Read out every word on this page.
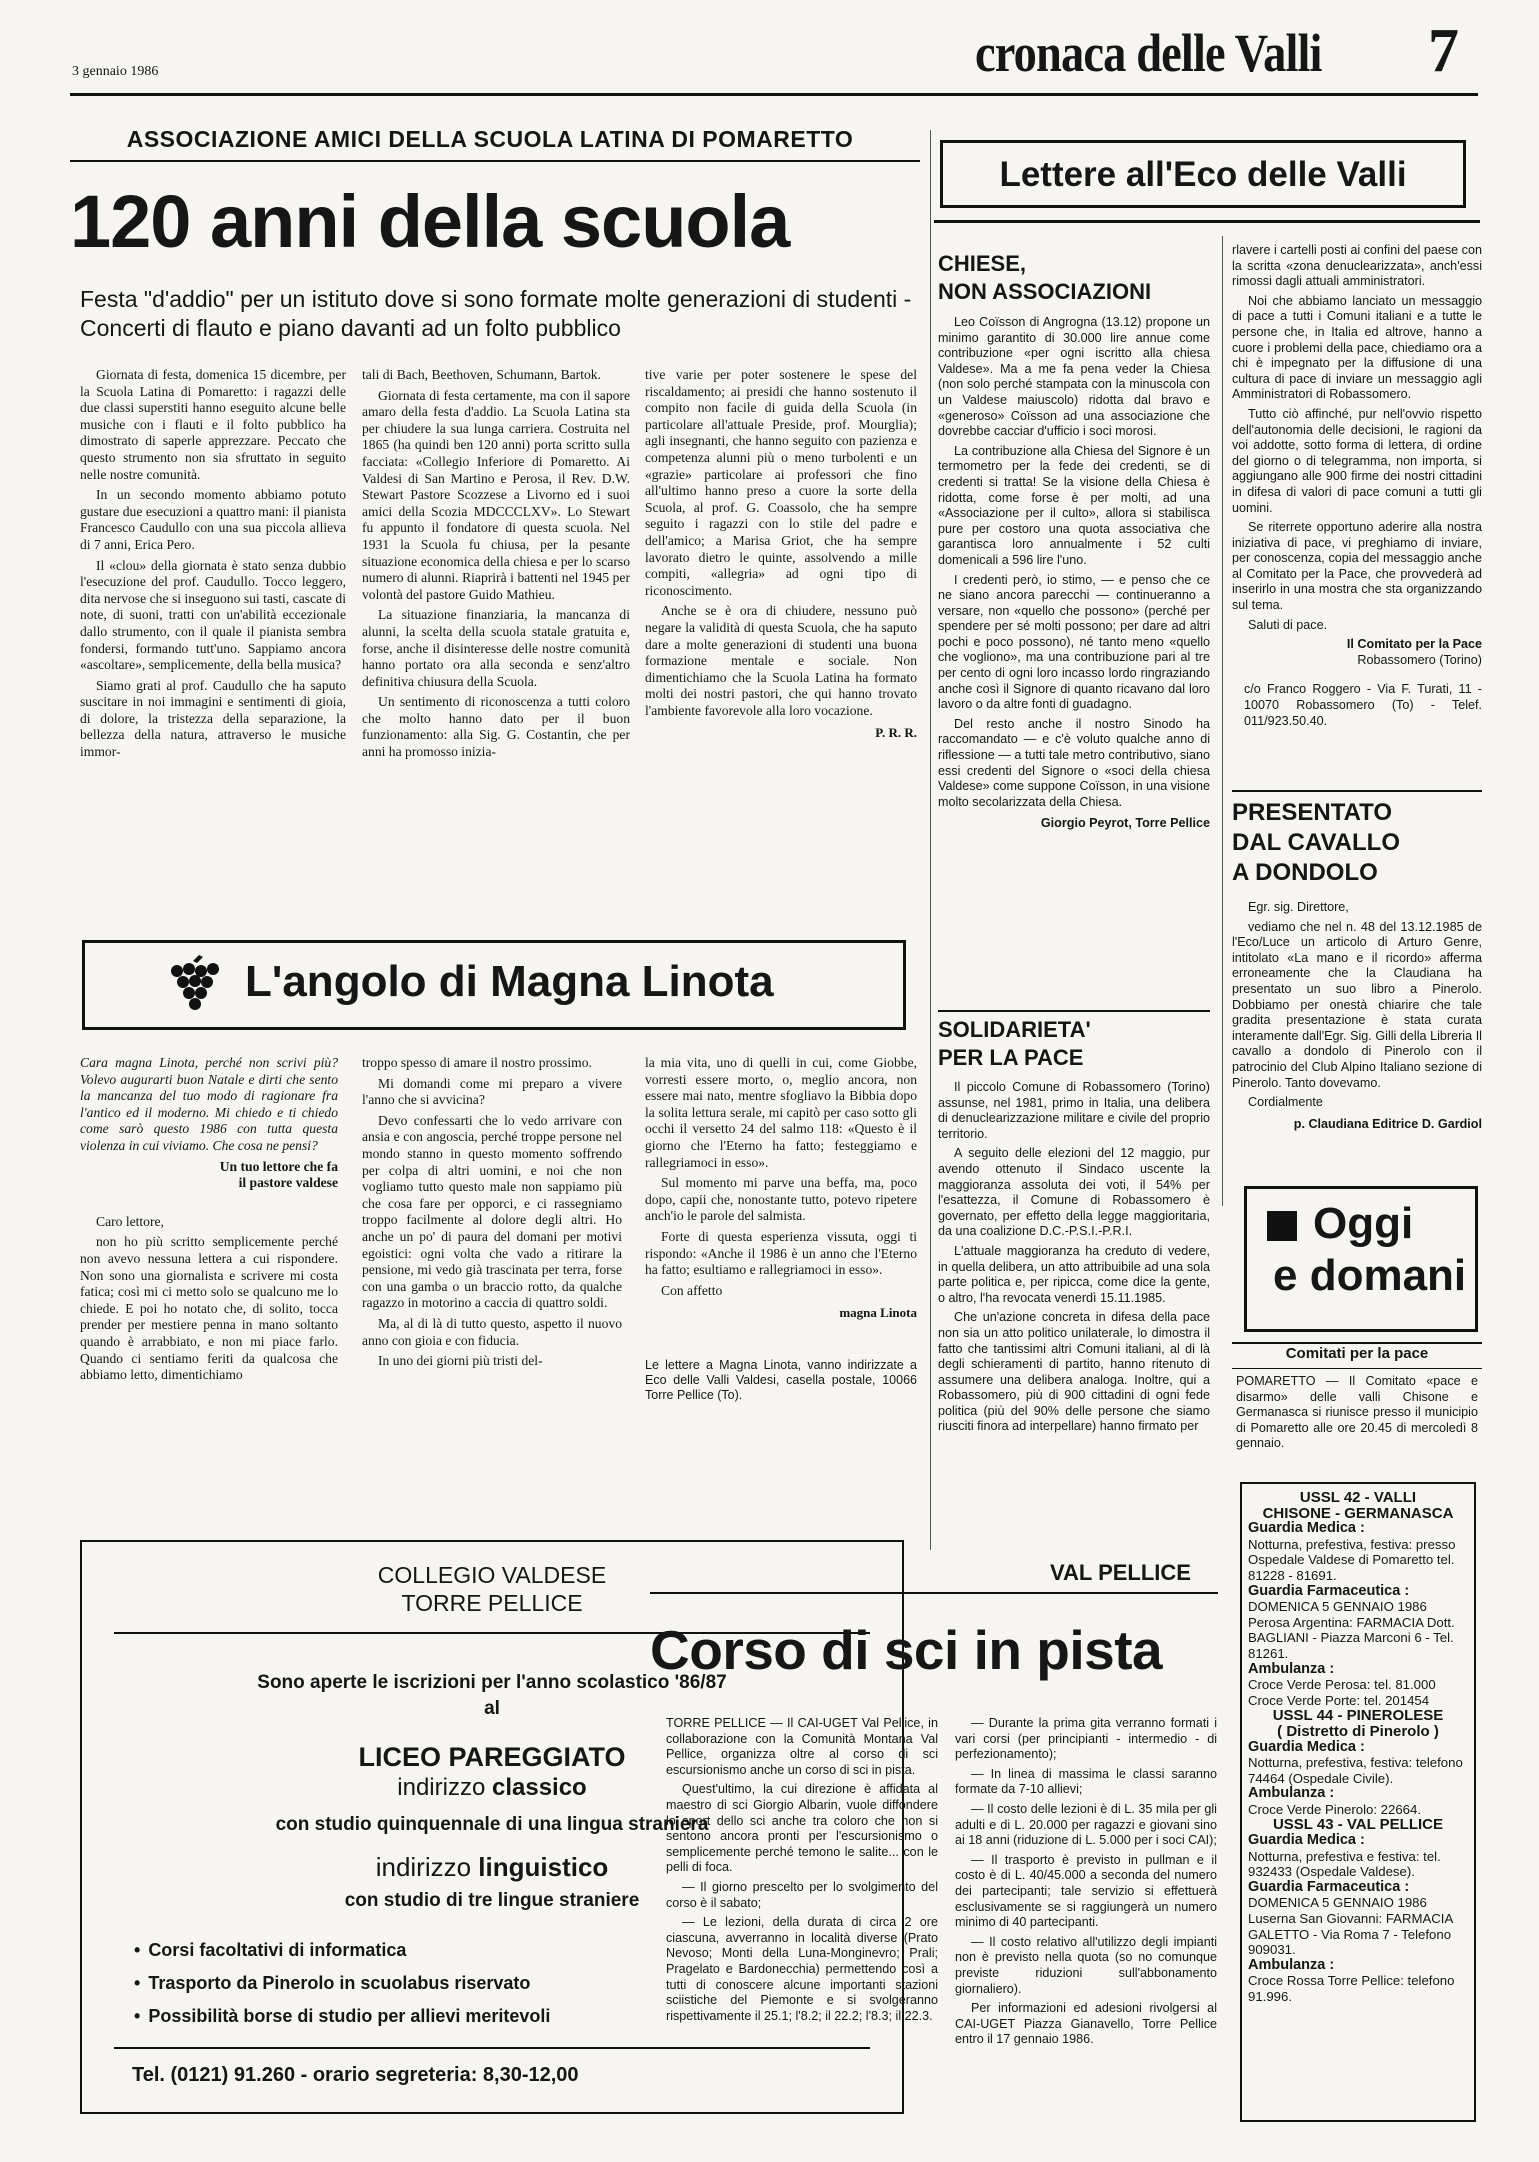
3 gennaio 1986	cronaca delle Valli 7
ASSOCIAZIONE AMICI DELLA SCUOLA LATINA DI POMARETTO
120 anni della scuola
Festa "d'addio" per un istituto dove si sono formate molte generazioni di studenti - Concerti di flauto e piano davanti ad un folto pubblico

Giornata di festa, domenica 15 dicembre, per la Scuola Latina di Pomaretto: i ragazzi delle due classi superstiti hanno eseguito alcune belle musiche con i flauti e il folto pubblico ha dimostrato di saperle apprezzare. Peccato che questo strumento non sia sfruttato in seguito nelle nostre comunità.

In un secondo momento abbiamo potuto gustare due esecuzioni a quattro mani: il pianista Francesco Caudullo con una sua piccola allieva di 7 anni, Erica Pero.

Il «clou» della giornata è stato senza dubbio l'esecuzione del prof. Caudullo. Tocco leggero, dita nervose che si inseguono sui tasti, cascate di note, di suoni, tratti con un'abilità eccezionale dallo strumento, con il quale il pianista sembra fondersi, formando tutt'uno. Sappiamo ancora «ascoltare», semplicemente, della bella musica?

Siamo grati al prof. Caudullo che ha saputo suscitare in noi immagini e sentimenti di gioia, di dolore, la tristezza della separazione, la bellezza della natura, attraverso le musiche immor-

tali di Bach, Beethoven, Schumann, Bartok.

Giornata di festa certamente, ma con il sapore amaro della festa d'addio. La Scuola Latina sta per chiudere la sua lunga carriera. Costruita nel 1865 (ha quindi ben 120 anni) porta scritto sulla facciata: «Collegio Inferiore di Pomaretto. Ai Valdesi di San Martino e Perosa, il Rev. D.W. Stewart Pastore Scozzese a Livorno ed i suoi amici della Scozia MDCCCLXV». Lo Stewart fu appunto il fondatore di questa scuola. Nel 1931 la Scuola fu chiusa, per la pesante situazione economica della chiesa e per lo scarso numero di alunni. Riaprirà i battenti nel 1945 per volontà del pastore Guido Mathieu.

La situazione finanziaria, la mancanza di alunni, la scelta della scuola statale gratuita e, forse, anche il disinteresse delle nostre comunità hanno portato ora alla seconda e senz'altro definitiva chiusura della Scuola.

Un sentimento di riconoscenza a tutti coloro che molto hanno dato per il buon funzionamento: alla Sig. G. Costantin, che per anni ha promosso inizia-

tive varie per poter sostenere le spese del riscaldamento; ai presidi che hanno sostenuto il compito non facile di guida della Scuola (in particolare all'attuale Preside, prof. Mourglia); agli insegnanti, che hanno seguito con pazienza e competenza alunni più o meno turbolenti e un «grazie» particolare ai professori che fino all'ultimo hanno preso a cuore la sorte della Scuola, al prof. G. Coassolo, che ha sempre seguito i ragazzi con lo stile del padre e dell'amico; a Marisa Griot, che ha sempre lavorato dietro le quinte, assolvendo a mille compiti, «allegria» ad ogni tipo di riconoscimento.

Anche se è ora di chiudere, nessuno può negare la validità di questa Scuola, che ha saputo dare a molte generazioni di studenti una buona formazione mentale e sociale. Non dimentichiamo che la Scuola Latina ha formato molti dei nostri pastori, che qui hanno trovato l'ambiente favorevole alla loro vocazione.

P. R. R.
L'angolo di Magna Linota

Cara magna Linota, perché non scrivi più? Volevo augurarti buon Natale e dirti che sento la mancanza del tuo modo di ragionare fra l'antico ed il moderno. Mi chiedo e ti chiedo come sarò questo 1986 con tutta questa violenza in cui viviamo. Che cosa ne pensi?

Un tuo lettore che fa
il pastore valdese

Caro lettore,

non ho più scritto semplicemente perché non avevo nessuna lettera a cui rispondere. Non sono una giornalista e scrivere mi costa fatica; così mi ci metto solo se qualcuno me lo chiede. E poi ho notato che, di solito, tocca prender per mestiere penna in mano soltanto quando è arrabbiato, e non mi piace farlo. Quando ci sentiamo feriti da qualcosa che abbiamo letto, dimentichiamo

troppo spesso di amare il nostro prossimo.

Mi domandi come mi preparo a vivere l'anno che si avvicina?

Devo confessarti che lo vedo arrivare con ansia e con angoscia, perché troppe persone nel mondo stanno in questo momento soffrendo per colpa di altri uomini, e noi che non vogliamo tutto questo male non sappiamo più che cosa fare per opporci, e ci rassegniamo troppo facilmente al dolore degli altri. Ho anche un po' di paura del domani per motivi egoistici: ogni volta che vado a ritirare la pensione, mi vedo già trascinata per terra, forse con una gamba o un braccio rotto, da qualche ragazzo in motorino a caccia di quattro soldi.

Ma, al di là di tutto questo, aspetto il nuovo anno con gioia e con fiducia.

In uno dei giorni più tristi del-

la mia vita, uno di quelli in cui, come Giobbe, vorresti essere morto, o, meglio ancora, non essere mai nato, mentre sfogliavo la Bibbia dopo la solita lettura serale, mi capitò per caso sotto gli occhi il versetto 24 del salmo 118: «Questo è il giorno che l'Eterno ha fatto; festeggiamo e rallegriamoci in esso».

Sul momento mi parve una beffa, ma, poco dopo, capii che, nonostante tutto, potevo ripetere anch'io le parole del salmista.

Forte di questa esperienza vissuta, oggi ti rispondo: «Anche il 1986 è un anno che l'Eterno ha fatto; esultiamo e rallegriamoci in esso».

Con affetto

magna Linota
Le lettere a Magna Linota, vanno indirizzate a Eco delle Valli Valdesi, casella postale, 10066 Torre Pellice (To).
Lettere all'Eco delle Valli
CHIESE,
NON ASSOCIAZIONI

Leo Coïsson di Angrogna (13.12) propone un minimo garantito di 30.000 lire annue come contribuzione «per ogni iscritto alla chiesa Valdese». Ma a me fa pena veder la Chiesa (non solo perché stampata con la minuscola con un Valdese maiuscolo) ridotta dal bravo e «generoso» Coïsson ad una associazione che dovrebbe cacciar d'ufficio i soci morosi.

La contribuzione alla Chiesa del Signore è un termometro per la fede dei credenti, se di credenti si tratta! Se la visione della Chiesa è ridotta, come forse è per molti, ad una «Associazione per il culto», allora si stabilisca pure per costoro una quota associativa che garantisca loro annualmente i 52 culti domenicali a 596 lire l'uno.

I credenti però, io stimo, — e penso che ce ne siano ancora parecchi — continueranno a versare, non «quello che possono» (perché per spendere per sé molti possono; per dare ad altri pochi e poco possono), né tanto meno «quello che vogliono», ma una contribuzione pari al tre per cento di ogni loro incasso lordo ringraziando anche così il Signore di quanto ricavano dal loro lavoro o da altre fonti di guadagno.

Del resto anche il nostro Sinodo ha raccomandato — e c'è voluto qualche anno di riflessione — a tutti tale metro contributivo, siano essi credenti del Signore o «soci della chiesa Valdese» come suppone Coïsson, in una visione molto secolarizzata della Chiesa.

Giorgio Peyrot, Torre Pellice
SOLIDARIETA'
PER LA PACE

Il piccolo Comune di Robassomero (Torino) assunse, nel 1981, primo in Italia, una delibera di denuclearizzazione militare e civile del proprio territorio.

A seguito delle elezioni del 12 maggio, pur avendo ottenuto il Sindaco uscente la maggioranza assoluta dei voti, il 54% per l'esattezza, il Comune di Robassomero è governato, per effetto della legge maggioritaria, da una coalizione D.C.-P.S.I.-P.R.I.

L'attuale maggioranza ha creduto di vedere, in quella delibera, un atto attribuibile ad una sola parte politica e, per ripicca, come dice la gente, o altro, l'ha revocata venerdì 15.11.1985.

Che un'azione concreta in difesa della pace non sia un atto politico unilaterale, lo dimostra il fatto che tantissimi altri Comuni italiani, al di là degli schieramenti di partito, hanno ritenuto di assumere una delibera analoga. Inoltre, qui a Robassomero, più di 900 cittadini di ogni fede politica (più del 90% delle persone che siamo riusciti finora ad interpellare) hanno firmato per

rlavere i cartelli posti ai confini del paese con la scritta «zona denuclearizzata», anch'essi rimossi dagli attuali amministratori.

Noi che abbiamo lanciato un messaggio di pace a tutti i Comuni italiani e a tutte le persone che, in Italia ed altrove, hanno a cuore i problemi della pace, chiediamo ora a chi è impegnato per la diffusione di una cultura di pace di inviare un messaggio agli Amministratori di Robassomero.

Tutto ciò affinché, pur nell'ovvio rispetto dell'autonomia delle decisioni, le ragioni da voi addotte, sotto forma di lettera, di ordine del giorno o di telegramma, non importa, si aggiungano alle 900 firme dei nostri cittadini in difesa di valori di pace comuni a tutti gli uomini.

Se riterrete opportuno aderire alla nostra iniziativa di pace, vi preghiamo di inviare, per conoscenza, copia del messaggio anche al Comitato per la Pace, che provvederà ad inserirlo in una mostra che sta organizzando sul tema.

Saluti di pace.

Il Comitato per la Pace
Robassomero (Torino)
c/o Franco Roggero - Via F. Turati, 11 - 10070 Robassomero (To) - Telef. 011/923.50.40.
PRESENTATO
DAL CAVALLO
A DONDOLO

Egr. sig. Direttore,

vediamo che nel n. 48 del 13.12.1985 de l'Eco/Luce un articolo di Arturo Genre, intitolato «La mano e il ricordo» afferma erroneamente che la Claudiana ha presentato un suo libro a Pinerolo. Dobbiamo per onestà chiarire che tale gradita presentazione è stata curata interamente dall'Egr. Sig. Gilli della Libreria Il cavallo a dondolo di Pinerolo con il patrocinio del Club Alpino Italiano sezione di Pinerolo. Tanto dovevamo.

Cordialmente

p. Claudiana Editrice D. Gardiol
Oggi
e domani
Comitati per la pace

POMARETTO — Il Comitato «pace e disarmo» delle valli Chisone e Germanasca si riunisce presso il municipio di Pomaretto alle ore 20.45 di mercoledì 8 gennaio.

USSL 42 - VALLI

CHISONE - GERMANASCA

Guardia Medica :

Notturna, prefestiva, festiva: presso Ospedale Valdese di Pomaretto tel. 81228 - 81691.

Guardia Farmaceutica :

DOMENICA 5 GENNAIO 1986 Perosa Argentina: FARMACIA Dott. BAGLIANI - Piazza Marconi 6 - Tel. 81261.

Ambulanza :

Croce Verde Perosa: tel. 81.000 Croce Verde Porte: tel. 201454

USSL 44 - PINEROLESE

( Distretto di Pinerolo )

Guardia Medica :

Notturna, prefestiva, festiva: telefono 74464 (Ospedale Civile).

Ambulanza :

Croce Verde Pinerolo: 22664.

USSL 43 - VAL PELLICE

Guardia Medica :

Notturna, prefestiva e festiva: tel. 932433 (Ospedale Valdese).

Guardia Farmaceutica :

DOMENICA 5 GENNAIO 1986 Luserna San Giovanni: FARMACIA GALETTO - Via Roma 7 - Telefono 909031.

Ambulanza :

Croce Rossa Torre Pellice: telefono 91.996.

COLLEGIO VALDESE
TORRE PELLICE
Sono aperte le iscrizioni per l'anno scolastico '86/87
al
LICEO PAREGGIATO
indirizzo classico
con studio quinquennale di una lingua straniera
indirizzo linguistico
con studio di tre lingue straniere
• Corsi facoltativi di informatica
• Trasporto da Pinerolo in scuolabus riservato
• Possibilità borse di studio per allievi meritevoli
Tel. (0121) 91.260 - orario segreteria: 8,30-12,00
VAL PELLICE
Corso di sci in pista

TORRE PELLICE — Il CAI-UGET Val Pellice, in collaborazione con la Comunità Montana Val Pellice, organizza oltre al corso di sci escursionismo anche un corso di sci in pista.

Quest'ultimo, la cui direzione è affidata al maestro di sci Giorgio Albarin, vuole diffondere lo sport dello sci anche tra coloro che non si sentono ancora pronti per l'escursionismo o semplicemente perché temono le salite... con le pelli di foca.

— Il giorno prescelto per lo svolgimento del corso è il sabato;

— Le lezioni, della durata di circa 2 ore ciascuna, avverranno in località diverse (Prato Nevoso; Monti della Luna-Monginevro; Prali; Pragelato e Bardonecchia) permettendo così a tutti di conoscere alcune importanti stazioni sciistiche del Piemonte e si svolgeranno rispettivamente il 25.1; l'8.2; il 22.2; l'8.3; il 22.3.

— Durante la prima gita verranno formati i vari corsi (per principianti - intermedio - di perfezionamento);

— In linea di massima le classi saranno formate da 7-10 allievi;

— Il costo delle lezioni è di L. 35 mila per gli adulti e di L. 20.000 per ragazzi e giovani sino ai 18 anni (riduzione di L. 5.000 per i soci CAI);

— Il trasporto è previsto in pullman e il costo è di L. 40/45.000 a seconda del numero dei partecipanti; tale servizio si effettuerà esclusivamente se si raggiungerà un numero minimo di 40 partecipanti.

— Il costo relativo all'utilizzo degli impianti non è previsto nella quota (so no comunque previste riduzioni sull'abbonamento giornaliero).

Per informazioni ed adesioni rivolgersi al CAI-UGET Piazza Gianavello, Torre Pellice entro il 17 gennaio 1986.
